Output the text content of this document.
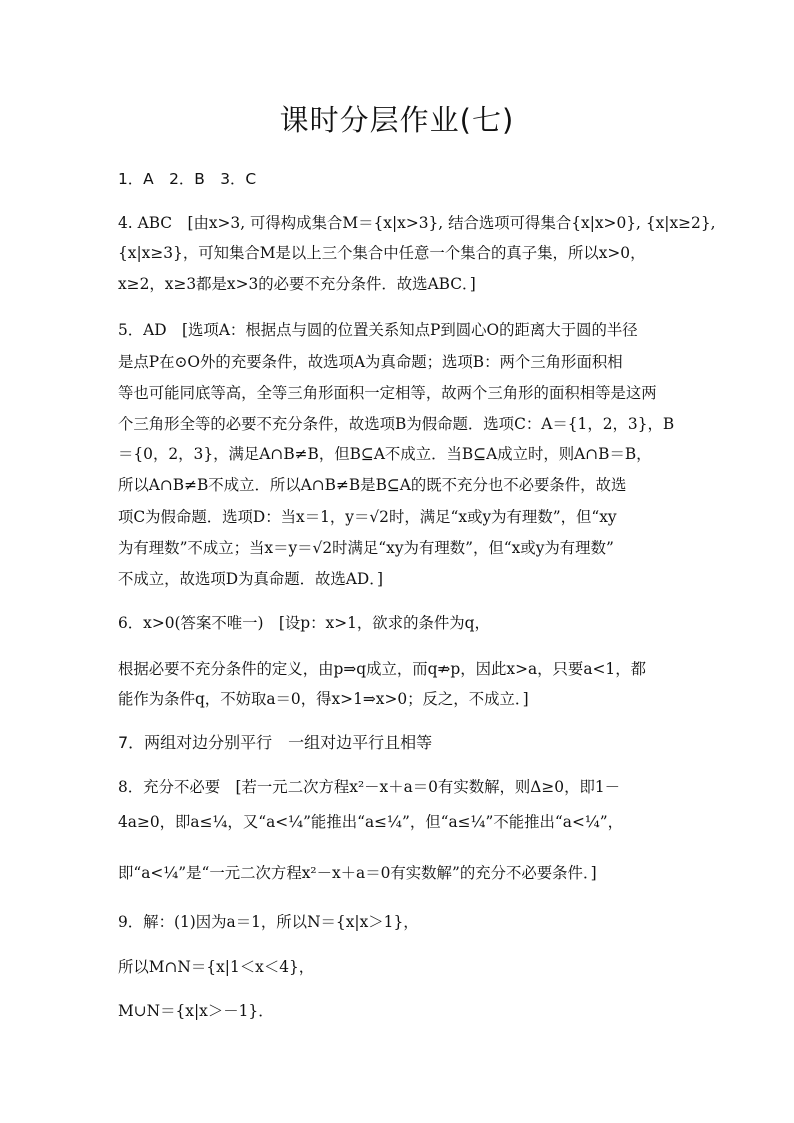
课时分层作业(七)
1．A　2．B　3．C
4. ABC　[由x>3, 可得构成集合M＝{x|x>3}, 结合选项可得集合{x|x>0}, {x|x≥2},
{x|x≥3}，可知集合M是以上三个集合中任意一个集合的真子集，所以x>0，
x≥2，x≥3都是x>3的必要不充分条件．故选ABC．]
5．AD　[选项A：根据点与圆的位置关系知点P到圆心O的距离大于圆的半径
是点P在⊙O外的充要条件，故选项A为真命题；选项B：两个三角形面积相
等也可能同底等高，全等三角形面积一定相等，故两个三角形的面积相等是这两
个三角形全等的必要不充分条件，故选项B为假命题．选项C：A＝{1，2，3}，B
＝{0，2，3}，满足A∩B≠B，但B⊆A不成立．当B⊆A成立时，则A∩B＝B，
所以A∩B≠B不成立．所以A∩B≠B是B⊆A的既不充分也不必要条件，故选
项C为假命题．选项D：当x＝1，y＝√2时，满足“x或y为有理数”，但“xy
为有理数”不成立；当x＝y＝√2时满足“xy为有理数”，但“x或y为有理数”
不成立，故选项D为真命题．故选AD．]
6．x>0(答案不唯一)　[设p：x>1，欲求的条件为q，
根据必要不充分条件的定义，由p⇒q成立，而q⇏p，因此x>a，只要a<1，都
能作为条件q，不妨取a＝0，得x>1⇒x>0；反之，不成立．]
7．两组对边分别平行　一组对边平行且相等
8．充分不必要　[若一元二次方程x²－x＋a＝0有实数解，则Δ≥0，即1－
4a≥0，即a≤¼，又“a<¼”能推出“a≤¼”，但“a≤¼”不能推出“a<¼”，
即“a<¼”是“一元二次方程x²－x＋a＝0有实数解”的充分不必要条件．]
9．解：(1)因为a＝1，所以N＝{x|x＞1}，
所以M∩N＝{x|1＜x＜4}，
M∪N＝{x|x＞－1}．
